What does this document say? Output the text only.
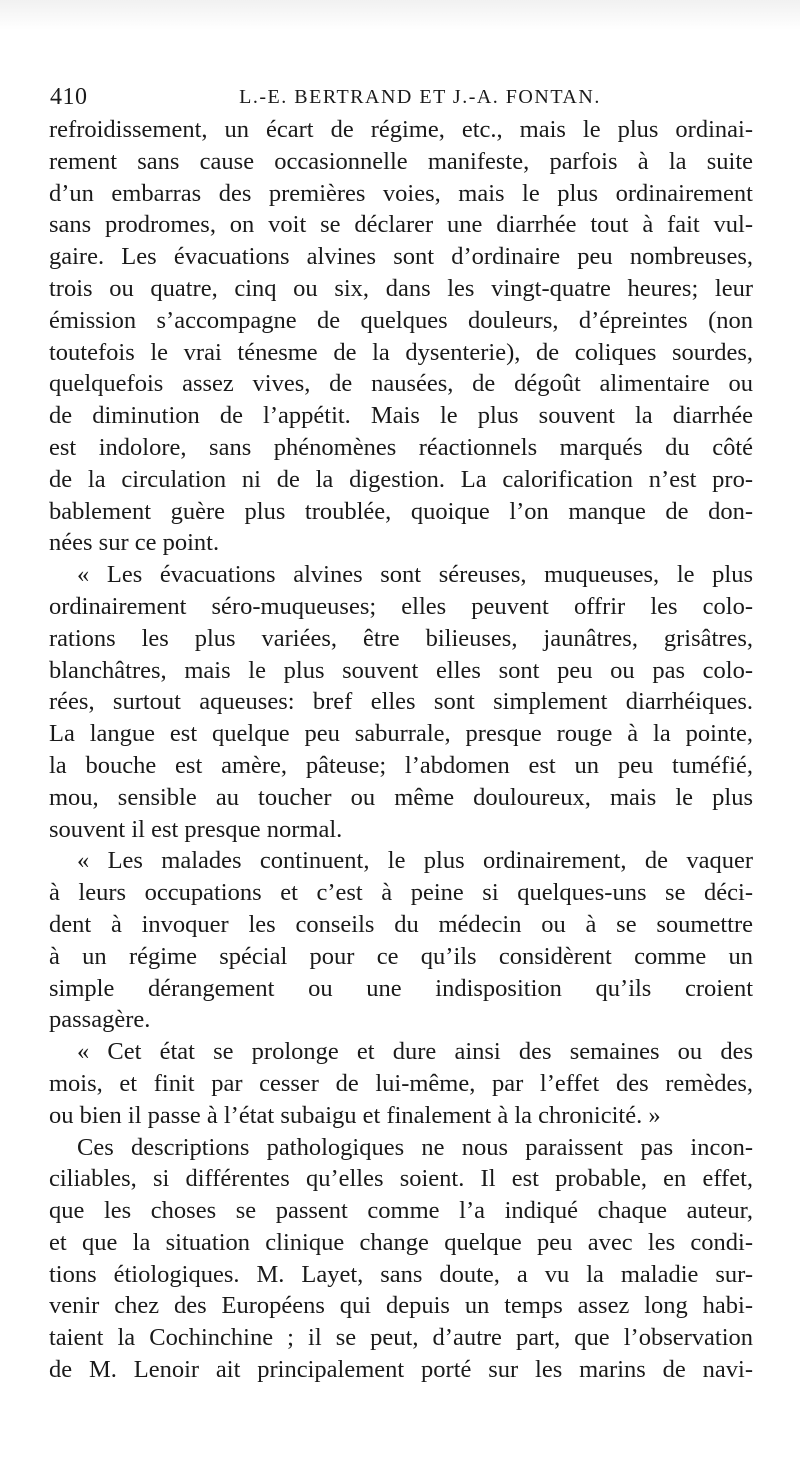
410	L.-E. BERTRAND ET J.-A. FONTAN.
refroidissement, un écart de régime, etc., mais le plus ordinai-
rement sans cause occasionnelle manifeste, parfois à la suite
d’un embarras des premières voies, mais le plus ordinairement
sans prodromes, on voit se déclarer une diarrhée tout à fait vul-
gaire. Les évacuations alvines sont d’ordinaire peu nombreuses,
trois ou quatre, cinq ou six, dans les vingt-quatre heures; leur
émission s’accompagne de quelques douleurs, d’épreintes (non
toutefois le vrai ténesme de la dysenterie), de coliques sourdes,
quelquefois assez vives, de nausées, de dégoût alimentaire ou
de diminution de l’appétit. Mais le plus souvent la diarrhée
est indolore, sans phénomènes réactionnels marqués du côté
de la circulation ni de la digestion. La calorification n’est pro-
bablement guère plus troublée, quoique l’on manque de don-
nées sur ce point.
« Les évacuations alvines sont séreuses, muqueuses, le plus
ordinairement séro-muqueuses; elles peuvent offrir les colo-
rations les plus variées, être bilieuses, jaunâtres, grisâtres,
blanchâtres, mais le plus souvent elles sont peu ou pas colo-
rées, surtout aqueuses: bref elles sont simplement diarrhéiques.
La langue est quelque peu saburrale, presque rouge à la pointe,
la bouche est amère, pâteuse; l’abdomen est un peu tuméfié,
mou, sensible au toucher ou même douloureux, mais le plus
souvent il est presque normal.
« Les malades continuent, le plus ordinairement, de vaquer
à leurs occupations et c’est à peine si quelques-uns se déci-
dent à invoquer les conseils du médecin ou à se soumettre
à un régime spécial pour ce qu’ils considèrent comme un
simple dérangement ou une indisposition qu’ils croient
passagère.
« Cet état se prolonge et dure ainsi des semaines ou des
mois, et finit par cesser de lui-même, par l’effet des remèdes,
ou bien il passe à l’état subaigu et finalement à la chronicité. »
Ces descriptions pathologiques ne nous paraissent pas incon-
ciliables, si différentes qu’elles soient. Il est probable, en effet,
que les choses se passent comme l’a indiqué chaque auteur,
et que la situation clinique change quelque peu avec les condi-
tions étiologiques. M. Layet, sans doute, a vu la maladie sur-
venir chez des Européens qui depuis un temps assez long habi-
taient la Cochinchine ; il se peut, d’autre part, que l’observation
de M. Lenoir ait principalement porté sur les marins de navi-
